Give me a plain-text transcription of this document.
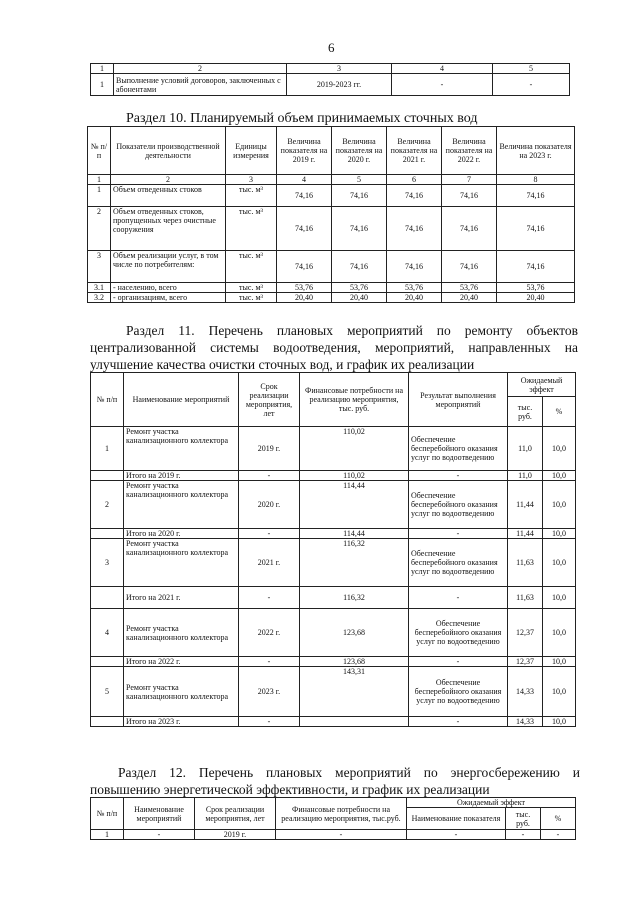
6
1	2	3	4	5
1	Выполнение условий договоров, заключенных с абонентами	2019-2023 гг.	-	-
Раздел 10. Планируемый объем принимаемых сточных вод
№ п/п	Показатели производственной деятельности	Единицы измерения	Величина показателя на 2019 г.	Величина показателя на 2020 г.	Величина показателя на 2021 г.	Величина показателя на 2022 г.	Величина показателя на 2023 г.
1	2	3	4	5	6	7	8
1	Объем отведенных стоков	тыс. м³	74,16	74,16	74,16	74,16	74,16
2	Объем отведенных стоков, пропущенных через очистные сооружения	тыс. м³	74,16	74,16	74,16	74,16	74,16
3	Объем реализации услуг, в том числе по потребителям:	тыс. м³	74,16	74,16	74,16	74,16	74,16
3.1	- населению, всего	тыс. м³	53,76	53,76	53,76	53,76	53,76
3.2	- организациям, всего	тыс. м³	20,40	20,40	20,40	20,40	20,40
Раздел 11. Перечень плановых мероприятий по ремонту объектов
централизованной системы водоотведения, мероприятий, направленных на
улучшение качества очистки сточных вод, и график их реализации
№ п/п	Наименование мероприятий	Срок реализации мероприятия, лет	Финансовые потребности на реализацию мероприятия, тыс. руб.	Результат выполнения мероприятий	Ожидаемый эффект	
					тыс. руб.	%
1	Ремонт участка канализационного коллектора	2019 г.	110,02	Обеспечение бесперебойного оказания услуг по водоотведению	11,0	10,0
	Итого на 2019 г.	-	110,02	-	11,0	10,0
2	Ремонт участка канализационного коллектора	2020 г.	114,44	Обеспечение бесперебойного оказания услуг по водоотведению	11,44	10,0
	Итого на 2020 г.	-	114,44	-	11,44	10,0
3	Ремонт участка канализационного коллектора	2021 г.	116,32	Обеспечение бесперебойного оказания услуг по водоотведению	11,63	10,0
	Итого на 2021 г.	-	116,32	-	11,63	10,0
4	Ремонт участка канализационного коллектора	2022 г.	123,68	Обеспечение бесперебойного оказания услуг по водоотведению	12,37	10,0
	Итого на 2022 г.	-	123,68	-	12,37	10,0
5	Ремонт участка канализационного коллектора	2023 г.	143,31	Обеспечение бесперебойного оказания услуг по водоотведению	14,33	10,0
	Итого на 2023 г.	-		-	14,33	10,0
Раздел 12. Перечень плановых мероприятий по энергосбережению и
повышению энергетической эффективности, и график их реализации
№ п/п	Наименование мероприятий	Срок реализации мероприятия, лет	Финансовые потребности на реализацию мероприятия, тыс.руб.	Ожидаемый эффект		
				Наименование показателя	тыс. руб.	%
1	-	2019 г.	-	-	-	-
